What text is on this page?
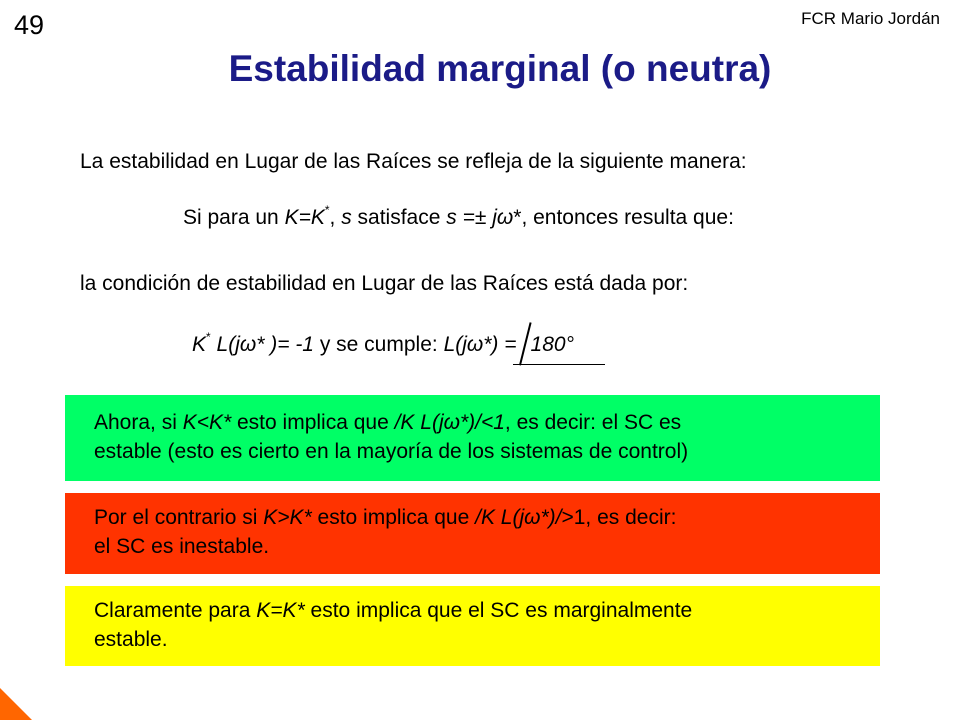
49	FCR Mario Jordán
Estabilidad marginal (o neutra)
La estabilidad en Lugar de las Raíces se refleja de la siguiente manera:
Si para un K=K*, s satisface s =± jω*, entonces resulta que:
la condición de estabilidad en Lugar de las Raíces está dada por:
K* L(jω* )= -1 y se cumple: L(jω*) = 180°
Ahora, si K<K* esto implica que /K L(jω*)/<1, es decir: el SC es
estable (esto es cierto en la mayoría de los sistemas de control)
Por el contrario si K>K* esto implica que /K L(jω*)/>1, es decir:
el SC es inestable.
Claramente para K=K* esto implica que el SC es marginalmente
estable.
